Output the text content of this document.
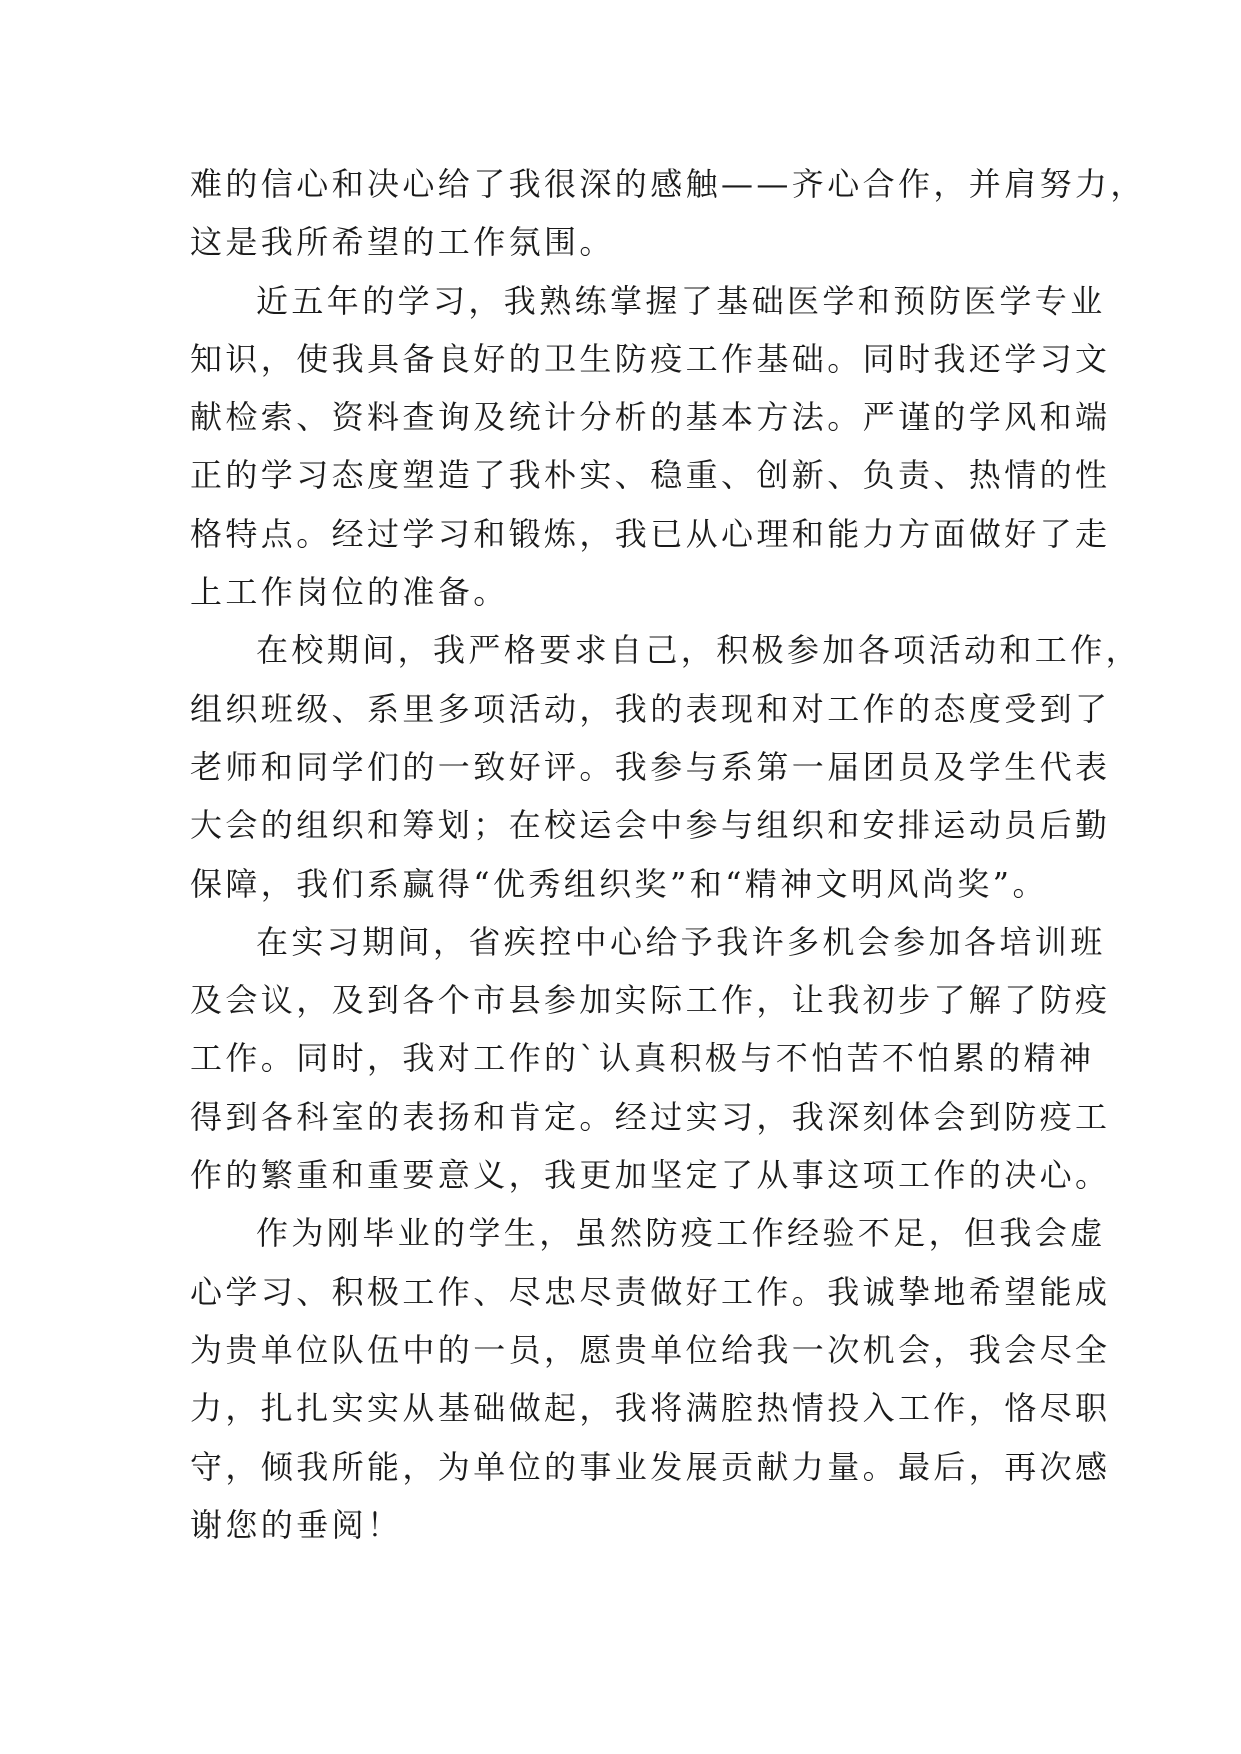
难的信心和决心给了我很深的感触——齐心合作，并肩努力，
这是我所希望的工作氛围。
近五年的学习，我熟练掌握了基础医学和预防医学专业
知识，使我具备良好的卫生防疫工作基础。同时我还学习文
献检索、资料查询及统计分析的基本方法。严谨的学风和端
正的学习态度塑造了我朴实、稳重、创新、负责、热情的性
格特点。经过学习和锻炼，我已从心理和能力方面做好了走
上工作岗位的准备。
在校期间，我严格要求自己，积极参加各项活动和工作，
组织班级、系里多项活动，我的表现和对工作的态度受到了
老师和同学们的一致好评。我参与系第一届团员及学生代表
大会的组织和筹划；在校运会中参与组织和安排运动员后勤
保障，我们系赢得“优秀组织奖”和“精神文明风尚奖”。
在实习期间，省疾控中心给予我许多机会参加各培训班
及会议，及到各个市县参加实际工作，让我初步了解了防疫
工作。同时，我对工作的`认真积极与不怕苦不怕累的精神
得到各科室的表扬和肯定。经过实习，我深刻体会到防疫工
作的繁重和重要意义，我更加坚定了从事这项工作的决心。
作为刚毕业的学生，虽然防疫工作经验不足，但我会虚
心学习、积极工作、尽忠尽责做好工作。我诚挚地希望能成
为贵单位队伍中的一员，愿贵单位给我一次机会，我会尽全
力，扎扎实实从基础做起，我将满腔热情投入工作，恪尽职
守，倾我所能，为单位的事业发展贡献力量。最后，再次感
谢您的垂阅！
